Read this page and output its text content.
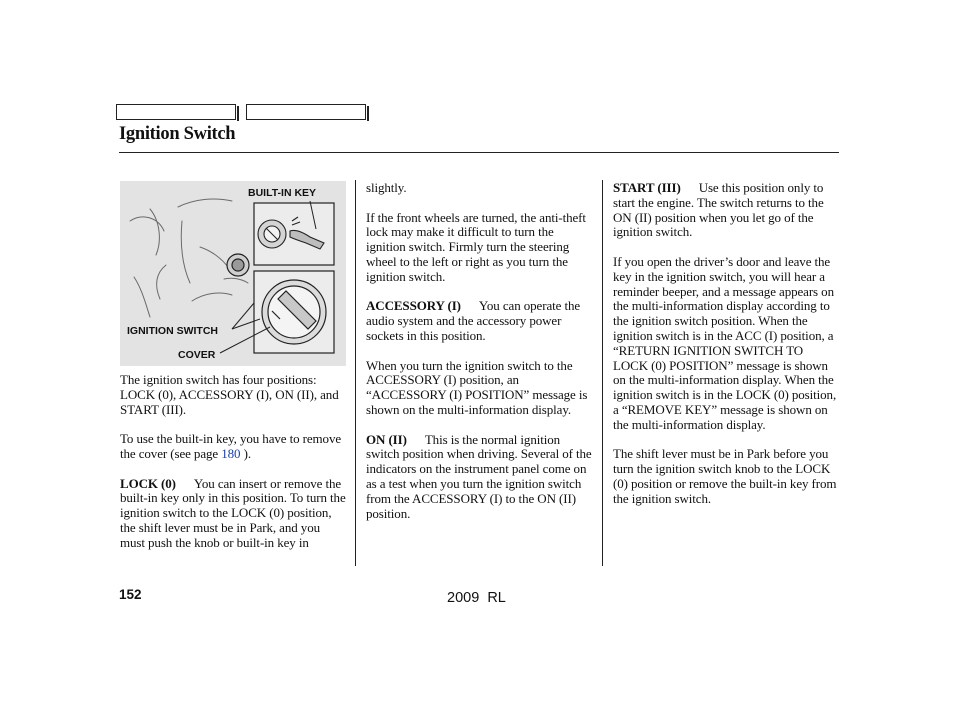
Ignition Switch
BUILT-IN KEY
IGNITION SWITCH
COVER

The ignition switch has four positions: LOCK (0), ACCESSORY (I), ON (II), and START (III).

To use the built-in key, you have to remove the cover (see page 180 ).

LOCK (0) You can insert or remove the built-in key only in this position. To turn the ignition switch to the LOCK (0) position, the shift lever must be in Park, and you must push the knob or built-in key in

slightly.

If the front wheels are turned, the anti-theft lock may make it difficult to turn the ignition switch. Firmly turn the steering wheel to the left or right as you turn the ignition switch.

ACCESSORY (I) You can operate the audio system and the accessory power sockets in this position.

When you turn the ignition switch to the ACCESSORY (I) position, an “ACCESSORY (I) POSITION” message is shown on the multi-information display.

ON (II) This is the normal ignition switch position when driving. Several of the indicators on the instrument panel come on as a test when you turn the ignition switch from the ACCESSORY (I) to the ON (II) position.

START (III) Use this position only to start the engine. The switch returns to the ON (II) position when you let go of the ignition switch.

If you open the driver’s door and leave the key in the ignition switch, you will hear a reminder beeper, and a message appears on the multi-information display according to the ignition switch position. When the ignition switch is in the ACC (I) position, a “RETURN IGNITION SWITCH TO LOCK (0) POSITION” message is shown on the multi-information display. When the ignition switch is in the LOCK (0) position, a “REMOVE KEY” message is shown on the multi-information display.

The shift lever must be in Park before you turn the ignition switch knob to the LOCK (0) position or remove the built-in key from the ignition switch.

152	2009  RL
